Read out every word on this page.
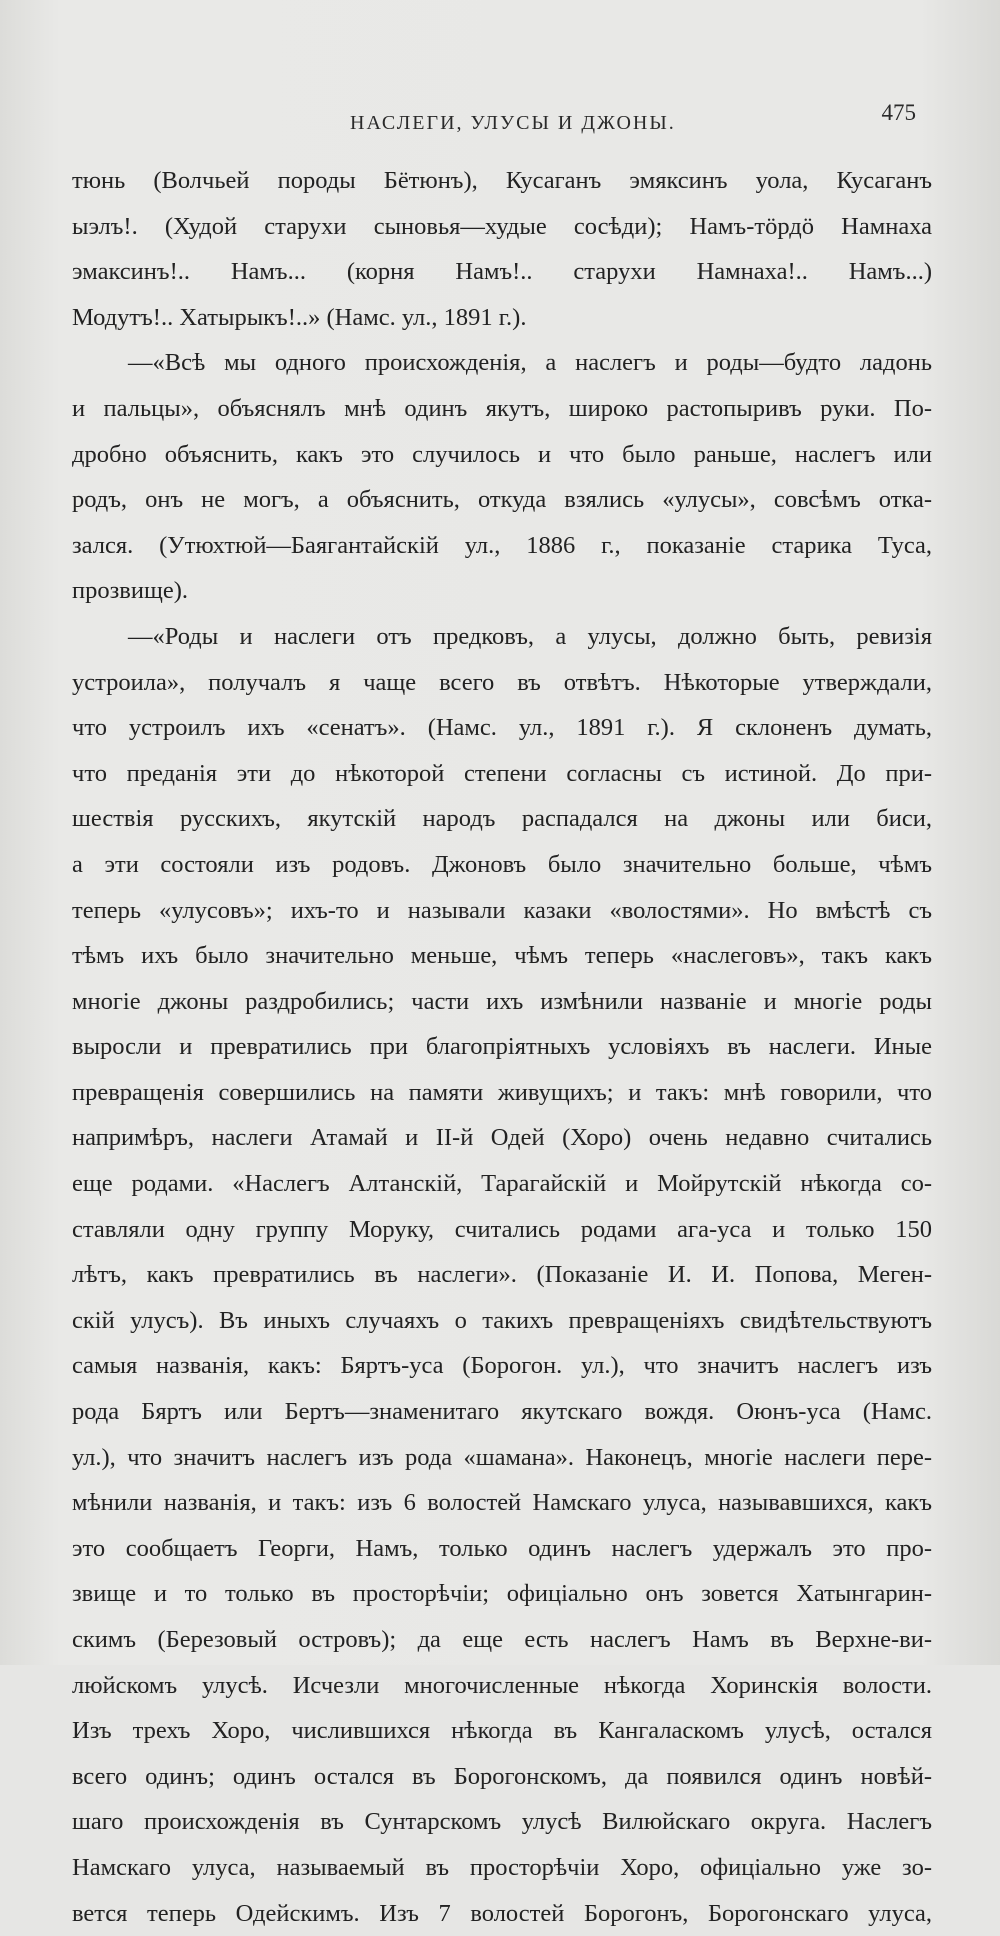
НАСЛЕГИ, УЛУСЫ И ДЖОНЫ.	475
тюнь (Волчьей породы Бётюнъ), Кусаганъ эмяксинъ уола, Кусаганъ
ыэлъ!. (Худой старухи сыновья—худые сосѣди); Намъ-тöрдö Намнаха
эмаксинъ!.. Намъ... (корня Намъ!.. старухи Намнаха!.. Намъ...)
Модутъ!.. Хатырыкъ!..» (Намс. ул., 1891 г.).
—«Всѣ мы одного происхожденія, а наслегъ и роды—будто ладонь
и пальцы», объяснялъ мнѣ одинъ якутъ, широко растопыривъ руки. По-
дробно объяснить, какъ это случилось и что было раньше, наслегъ или
родъ, онъ не могъ, а объяснить, откуда взялись «улусы», совсѣмъ отка-
зался. (Утюхтюй—Баягантайскій ул., 1886 г., показаніе старика Туса,
прозвище).
—«Роды и наслеги отъ предковъ, а улусы, должно быть, ревизія
устроила», получалъ я чаще всего въ отвѣтъ. Нѣкоторые утверждали,
что устроилъ ихъ «сенатъ». (Намс. ул., 1891 г.). Я склоненъ думать,
что преданія эти до нѣкоторой степени согласны съ истиной. До при-
шествія русскихъ, якутскій народъ распадался на джоны или биси,
а эти состояли изъ родовъ. Джоновъ было значительно больше, чѣмъ
теперь «улусовъ»; ихъ-то и называли казаки «волостями». Но вмѣстѣ съ
тѣмъ ихъ было значительно меньше, чѣмъ теперь «наслеговъ», такъ какъ
многіе джоны раздробились; части ихъ измѣнили названіе и многіе роды
выросли и превратились при благопріятныхъ условіяхъ въ наслеги. Иные
превращенія совершились на памяти живущихъ; и такъ: мнѣ говорили, что
напримѣръ, наслеги Атамай и II-й Одей (Хоро) очень недавно считались
еще родами. «Наслегъ Алтанскій, Тарагайскій и Мойрутскій нѣкогда со-
ставляли одну группу Моруку, считались родами ага-уса и только 150
лѣтъ, какъ превратились въ наслеги». (Показаніе И. И. Попова, Меген-
скій улусъ). Въ иныхъ случаяхъ о такихъ превращеніяхъ свидѣтельствуютъ
самыя названія, какъ: Бяртъ-уса (Борогон. ул.), что значитъ наслегъ изъ
рода Бяртъ или Бертъ—знаменитаго якутскаго вождя. Оюнъ-уса (Намс.
ул.), что значитъ наслегъ изъ рода «шамана». Наконецъ, многіе наслеги пере-
мѣнили названія, и такъ: изъ 6 волостей Намскаго улуса, называвшихся, какъ
это сообщаетъ Георги, Намъ, только одинъ наслегъ удержалъ это про-
звище и то только въ просторѣчіи; офиціально онъ зовется Хатынгарин-
скимъ (Березовый островъ); да еще есть наслегъ Намъ въ Верхне-ви-
люйскомъ улусѣ. Исчезли многочисленные нѣкогда Хоринскія волости.
Изъ трехъ Хоро, числившихся нѣкогда въ Кангаласкомъ улусѣ, остался
всего одинъ; одинъ остался въ Борогонскомъ, да появился одинъ новѣй-
шаго происхожденія въ Сунтарскомъ улусѣ Вилюйскаго округа. Наслегъ
Намскаго улуса, называемый въ просторѣчіи Хоро, офиціально уже зо-
вется теперь Одейскимъ. Изъ 7 волостей Борогонъ, Борогонскаго улуса,
